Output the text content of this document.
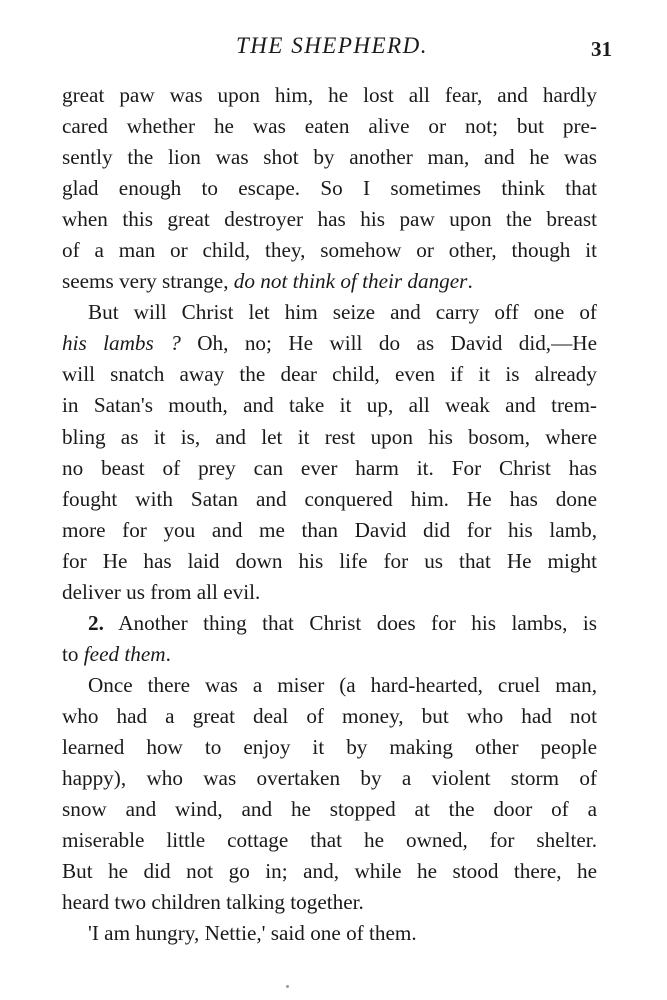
THE SHEPHERD.	31
great paw was upon him, he lost all fear, and hardly
cared whether he was eaten alive or not; but pre-
sently the lion was shot by another man, and he was
glad enough to escape. So I sometimes think that
when this great destroyer has his paw upon the breast
of a man or child, they, somehow or other, though it
seems very strange, do not think of their danger.
But will Christ let him seize and carry off one of
his lambs ? Oh, no; He will do as David did,—He
will snatch away the dear child, even if it is already
in Satan's mouth, and take it up, all weak and trem-
bling as it is, and let it rest upon his bosom, where
no beast of prey can ever harm it. For Christ has
fought with Satan and conquered him. He has done
more for you and me than David did for his lamb,
for He has laid down his life for us that He might
deliver us from all evil.
2. Another thing that Christ does for his lambs, is
to feed them.
Once there was a miser (a hard-hearted, cruel man,
who had a great deal of money, but who had not
learned how to enjoy it by making other people
happy), who was overtaken by a violent storm of
snow and wind, and he stopped at the door of a
miserable little cottage that he owned, for shelter.
But he did not go in; and, while he stood there, he
heard two children talking together.
'I am hungry, Nettie,' said one of them.
